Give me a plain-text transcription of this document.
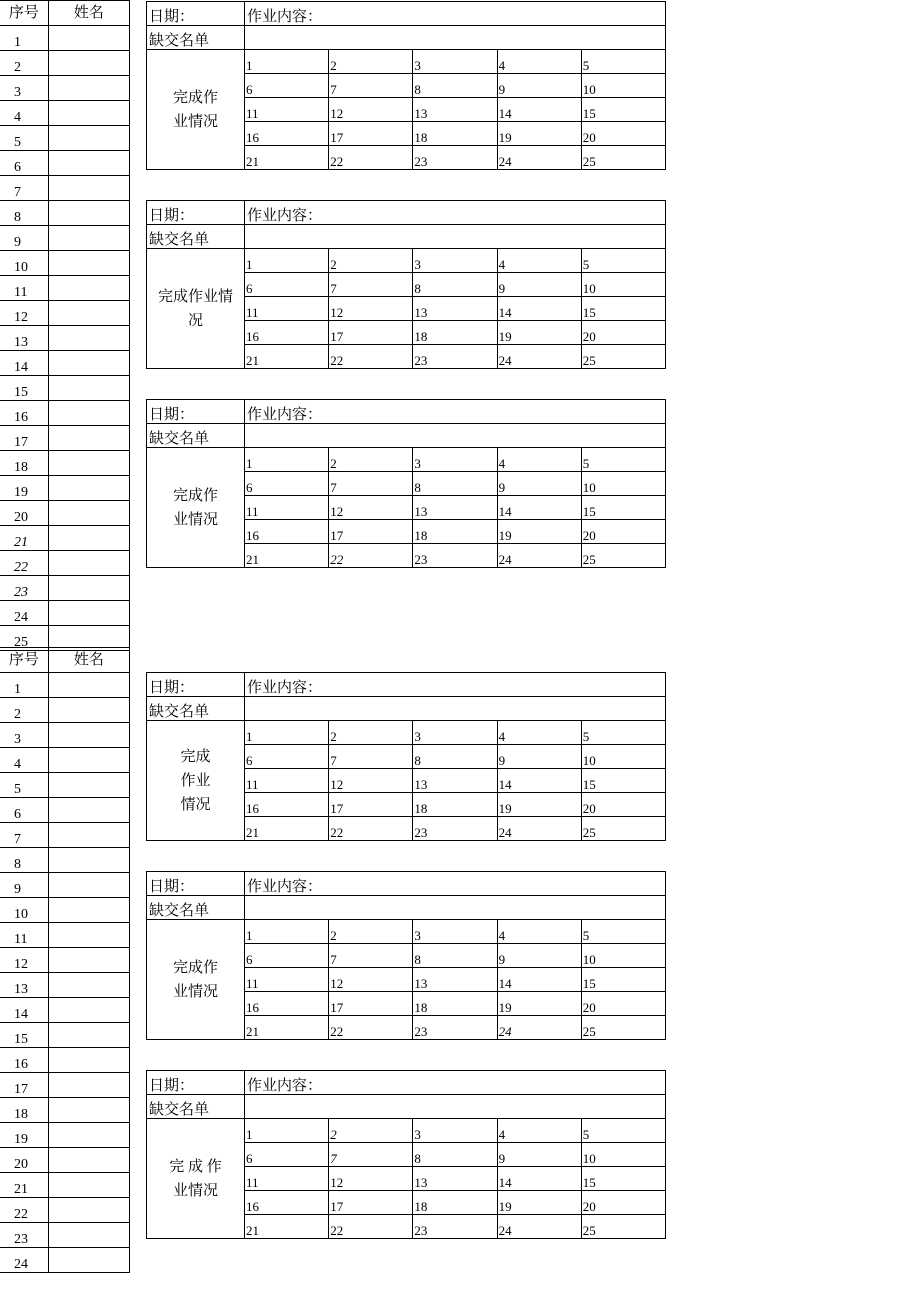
序号	姓名
1	
2	
3	
4	
5	
6	
7	
8	
9	
10	
11	
12	
13	
14	
15	
16	
17	
18	
19	
20	
21	
22	
23	
24	
25	
序号	姓名
1	
2	
3	
4	
5	
6	
7	
8	
9	
10	
11	
12	
13	
14	
15	
16	
17	
18	
19	
20	
21	
22	
23	
24	
日期：	作业内容：				
缺交名单					
完成作
业情况	1	2	3	4	5
	6	7	8	9	10
	11	12	13	14	15
	16	17	18	19	20
	21	22	23	24	25
日期：	作业内容：				
缺交名单					
完成作业情
况	1	2	3	4	5
	6	7	8	9	10
	11	12	13	14	15
	16	17	18	19	20
	21	22	23	24	25
日期：	作业内容：				
缺交名单					
完成作
业情况	1	2	3	4	5
	6	7	8	9	10
	11	12	13	14	15
	16	17	18	19	20
	21	22	23	24	25
日期：	作业内容：				
缺交名单					
完成
作业
情况	1	2	3	4	5
	6	7	8	9	10
	11	12	13	14	15
	16	17	18	19	20
	21	22	23	24	25
日期：	作业内容：				
缺交名单					
完成作
业情况	1	2	3	4	5
	6	7	8	9	10
	11	12	13	14	15
	16	17	18	19	20
	21	22	23	24	25
日期：	作业内容：				
缺交名单					
完 成 作
业情况	1	2	3	4	5
	6	7	8	9	10
	11	12	13	14	15
	16	17	18	19	20
	21	22	23	24	25
